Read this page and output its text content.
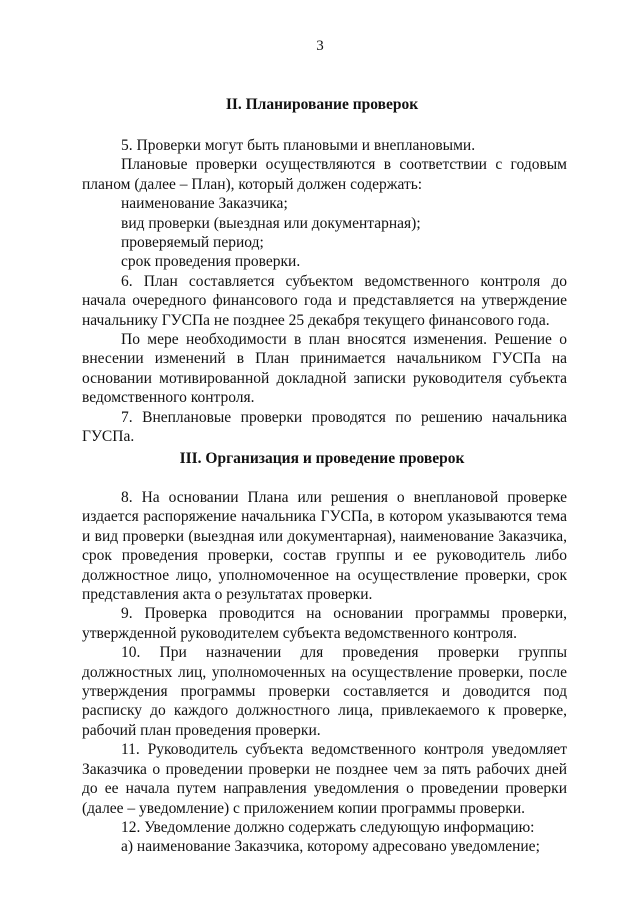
3
II. Планирование проверок

5. Проверки могут быть плановыми и внеплановыми.

Плановые проверки осуществляются в соответствии с годовым планом (далее – План), который должен содержать:

наименование Заказчика;

вид проверки (выездная или документарная);

проверяемый период;

срок проведения проверки.

6. План составляется субъектом ведомственного контроля до начала очередного финансового года и представляется на утверждение начальнику ГУСПа не позднее 25 декабря текущего финансового года.

По мере необходимости в план вносятся изменения. Решение о внесении изменений в План принимается начальником ГУСПа на основании мотивированной докладной записки руководителя субъекта ведомственного контроля.

7. Внеплановые проверки проводятся по решению начальника ГУСПа.

III. Организация и проведение проверок

8. На основании Плана или решения о внеплановой проверке издается распоряжение начальника ГУСПа, в котором указываются тема и вид проверки (выездная или документарная), наименование Заказчика, срок проведения проверки, состав группы и ее руководитель либо должностное лицо, уполномоченное на осуществление проверки, срок представления акта о результатах проверки.

9. Проверка проводится на основании программы проверки, утвержденной руководителем субъекта ведомственного контроля.

10. При назначении для проведения проверки группы должностных лиц, уполномоченных на осуществление проверки, после утверждения программы проверки составляется и доводится под расписку до каждого должностного лица, привлекаемого к проверке, рабочий план проведения проверки.

11. Руководитель субъекта ведомственного контроля уведомляет Заказчика о проведении проверки не позднее чем за пять рабочих дней до ее начала путем направления уведомления о проведении проверки (далее – уведомление) с приложением копии программы проверки.

12. Уведомление должно содержать следующую информацию:

а) наименование Заказчика, которому адресовано уведомление;
